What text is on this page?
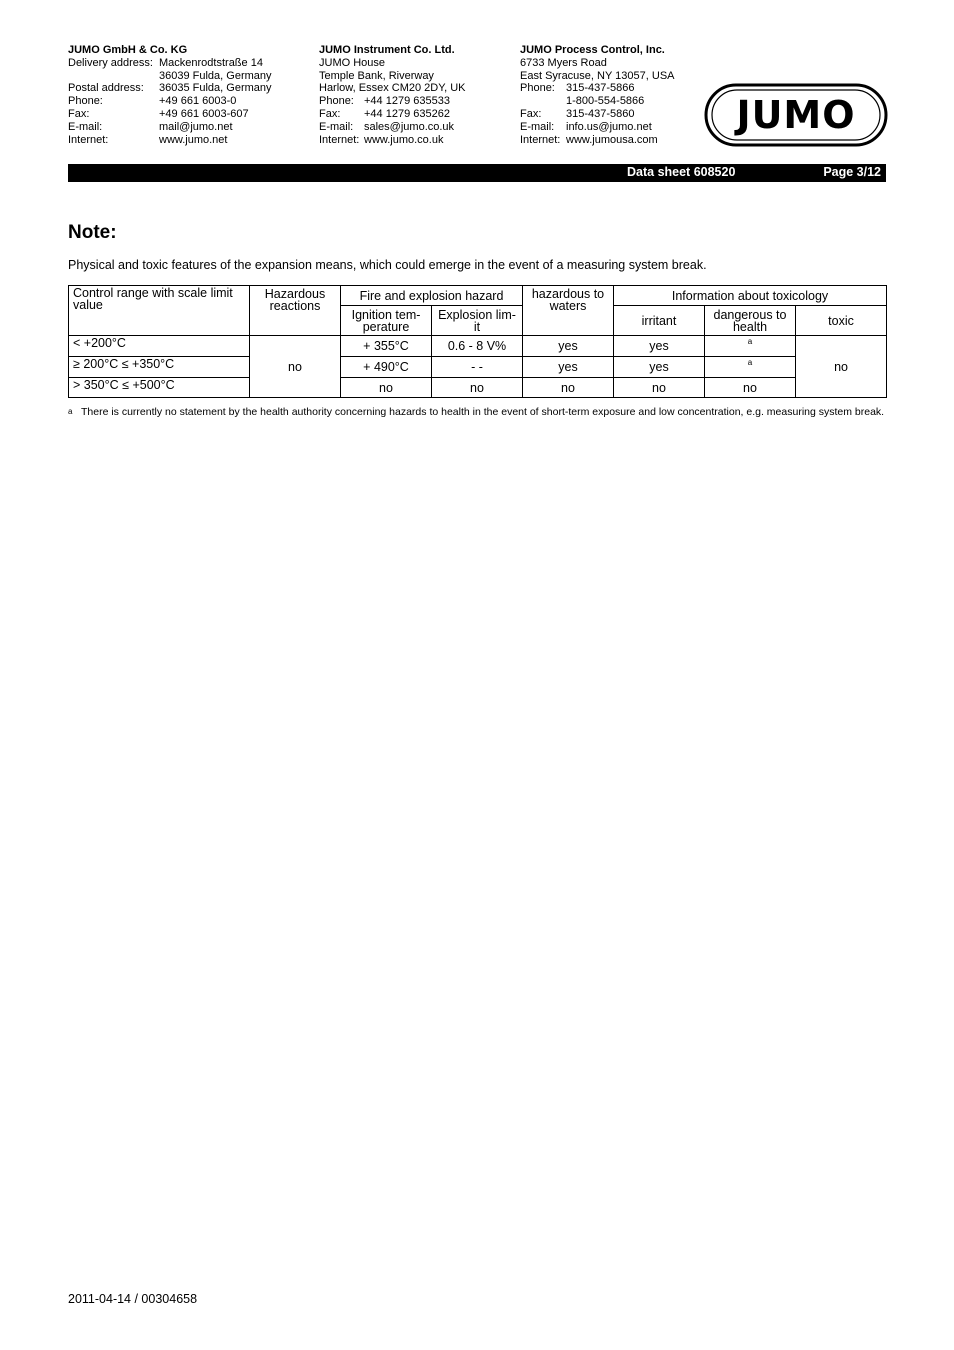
JUMO GmbH & Co. KG
Delivery address: Mackenrodtstraße 14
36039 Fulda, Germany
Postal address: 36035 Fulda, Germany
Phone:	+49 661 6003-0
Fax:	+49 661 6003-607
E-mail:	mail@jumo.net
Internet:	www.jumo.net
JUMO Instrument Co. Ltd.
JUMO House
Temple Bank, Riverway
Harlow, Essex CM20 2DY, UK
Phone: +44 1279 635533
Fax: +44 1279 635262
E-mail: sales@jumo.co.uk
Internet: www.jumo.co.uk
JUMO Process Control, Inc.
6733 Myers Road
East Syracuse, NY 13057, USA
Phone: 315-437-5866
1-800-554-5866
Fax: 315-437-5860
E-mail: info.us@jumo.net
Internet: www.jumousa.com
JUMO
Data sheet 608520	Page 3/12
Note:
Physical and toxic features of the expansion means, which could emerge in the event of a measuring system break.
Control range with scale limit value	Hazardous reactions	Fire and explosion hazard		hazardous to waters	Information about toxicology		
		Ignition tem-perature	Explosion lim-it		irritant	dangerous to health	toxic
< +200°C	no	+ 355°C	0.6 - 8 V%	yes	yes	$^a$	no
≥ 200°C ≤ +350°C		+ 490°C	- -	yes	yes	$^a$
> 350°C ≤ +500°C		no	no	no	no	no	
a There is currently no statement by the health authority concerning hazards to health in the event of short-term exposure and low concentration, e.g. measuring system break.
2011-04-14 / 00304658
